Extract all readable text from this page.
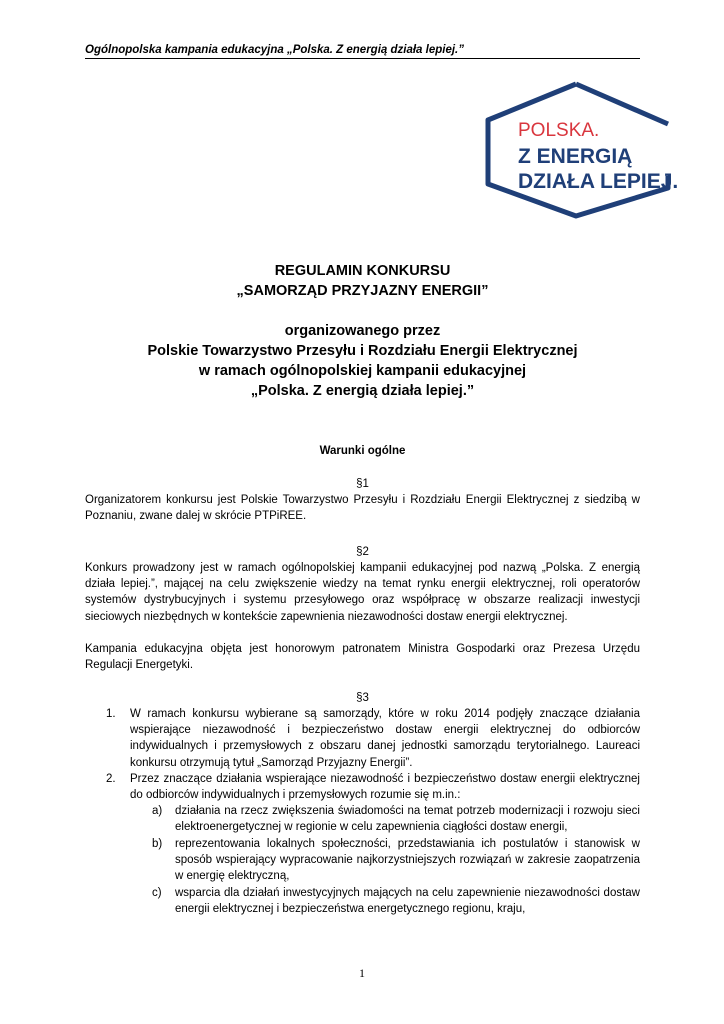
Ogólnopolska kampania edukacyjna „Polska. Z energią działa lepiej.”
POLSKA.
Z ENERGIĄ
DZIAŁA LEPIEJ.
REGULAMIN KONKURSU
„SAMORZĄD PRZYJAZNY ENERGII”
organizowanego przez
Polskie Towarzystwo Przesyłu i Rozdziału Energii Elektrycznej
w ramach ogólnopolskiej kampanii edukacyjnej
„Polska. Z energią działa lepiej.”
Warunki ogólne
§1
Organizatorem konkursu jest Polskie Towarzystwo Przesyłu i Rozdziału Energii Elektrycznej z siedzibą w Poznaniu, zwane dalej w skrócie PTPiREE.
§2
Konkurs prowadzony jest w ramach ogólnopolskiej kampanii edukacyjnej pod nazwą „Polska. Z energią działa lepiej.”, mającej na celu zwiększenie wiedzy na temat rynku energii elektrycznej, roli operatorów systemów dystrybucyjnych i systemu przesyłowego oraz współpracę w obszarze realizacji inwestycji sieciowych niezbędnych w kontekście zapewnienia niezawodności dostaw energii elektrycznej.
Kampania edukacyjna objęta jest honorowym patronatem Ministra Gospodarki oraz Prezesa Urzędu Regulacji Energetyki.
§3
1. W ramach konkursu wybierane są samorządy, które w roku 2014 podjęły znaczące działania wspierające niezawodność i bezpieczeństwo dostaw energii elektrycznej do odbiorców indywidualnych i przemysłowych z obszaru danej jednostki samorządu terytorialnego. Laureaci konkursu otrzymują tytuł „Samorząd Przyjazny Energii”.
2. Przez znaczące działania wspierające niezawodność i bezpieczeństwo dostaw energii elektrycznej do odbiorców indywidualnych i przemysłowych rozumie się m.in.:
a) działania na rzecz zwiększenia świadomości na temat potrzeb modernizacji i rozwoju sieci elektroenergetycznej w regionie w celu zapewnienia ciągłości dostaw energii,
b) reprezentowania lokalnych społeczności, przedstawiania ich postulatów i stanowisk w sposób wspierający wypracowanie najkorzystniejszych rozwiązań w zakresie zaopatrzenia w energię elektryczną,
c) wsparcia dla działań inwestycyjnych mających na celu zapewnienie niezawodności dostaw energii elektrycznej i bezpieczeństwa energetycznego regionu, kraju,
1
